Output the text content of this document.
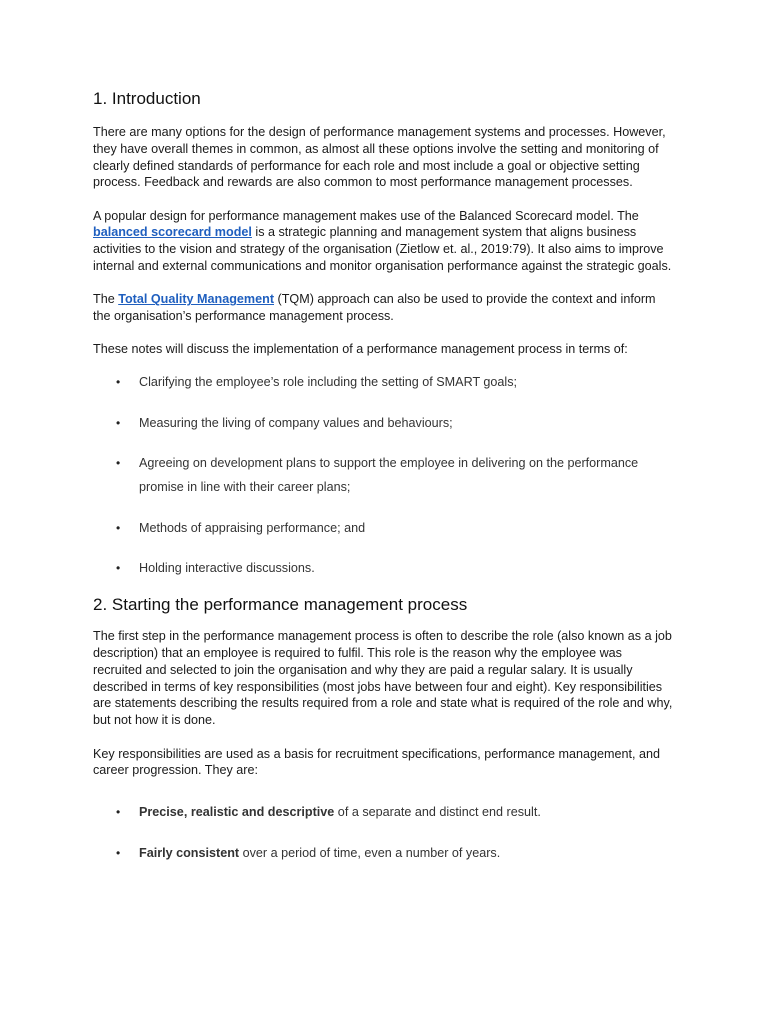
1. Introduction

There are many options for the design of performance management systems and processes. However, they have overall themes in common, as almost all these options involve the setting and monitoring of clearly defined standards of performance for each role and most include a goal or objective setting process. Feedback and rewards are also common to most performance management processes.

A popular design for performance management makes use of the Balanced Scorecard model. The balanced scorecard model is a strategic planning and management system that aligns business activities to the vision and strategy of the organisation (Zietlow et. al., 2019:79). It also aims to improve internal and external communications and monitor organisation performance against the strategic goals.

The Total Quality Management (TQM) approach can also be used to provide the context and inform the organisation’s performance management process.

These notes will discuss the implementation of a performance management process in terms of:

• Clarifying the employee’s role including the setting of SMART goals;
• Measuring the living of company values and behaviours;
• Agreeing on development plans to support the employee in delivering on the performance promise in line with their career plans;
• Methods of appraising performance; and
• Holding interactive discussions.
2. Starting the performance management process

The first step in the performance management process is often to describe the role (also known as a job description) that an employee is required to fulfil. This role is the reason why the employee was recruited and selected to join the organisation and why they are paid a regular salary. It is usually described in terms of key responsibilities (most jobs have between four and eight). Key responsibilities are statements describing the results required from a role and state what is required of the role and why, but not how it is done.

Key responsibilities are used as a basis for recruitment specifications, performance management, and career progression. They are:

• Precise, realistic and descriptive of a separate and distinct end result.
• Fairly consistent over a period of time, even a number of years.
